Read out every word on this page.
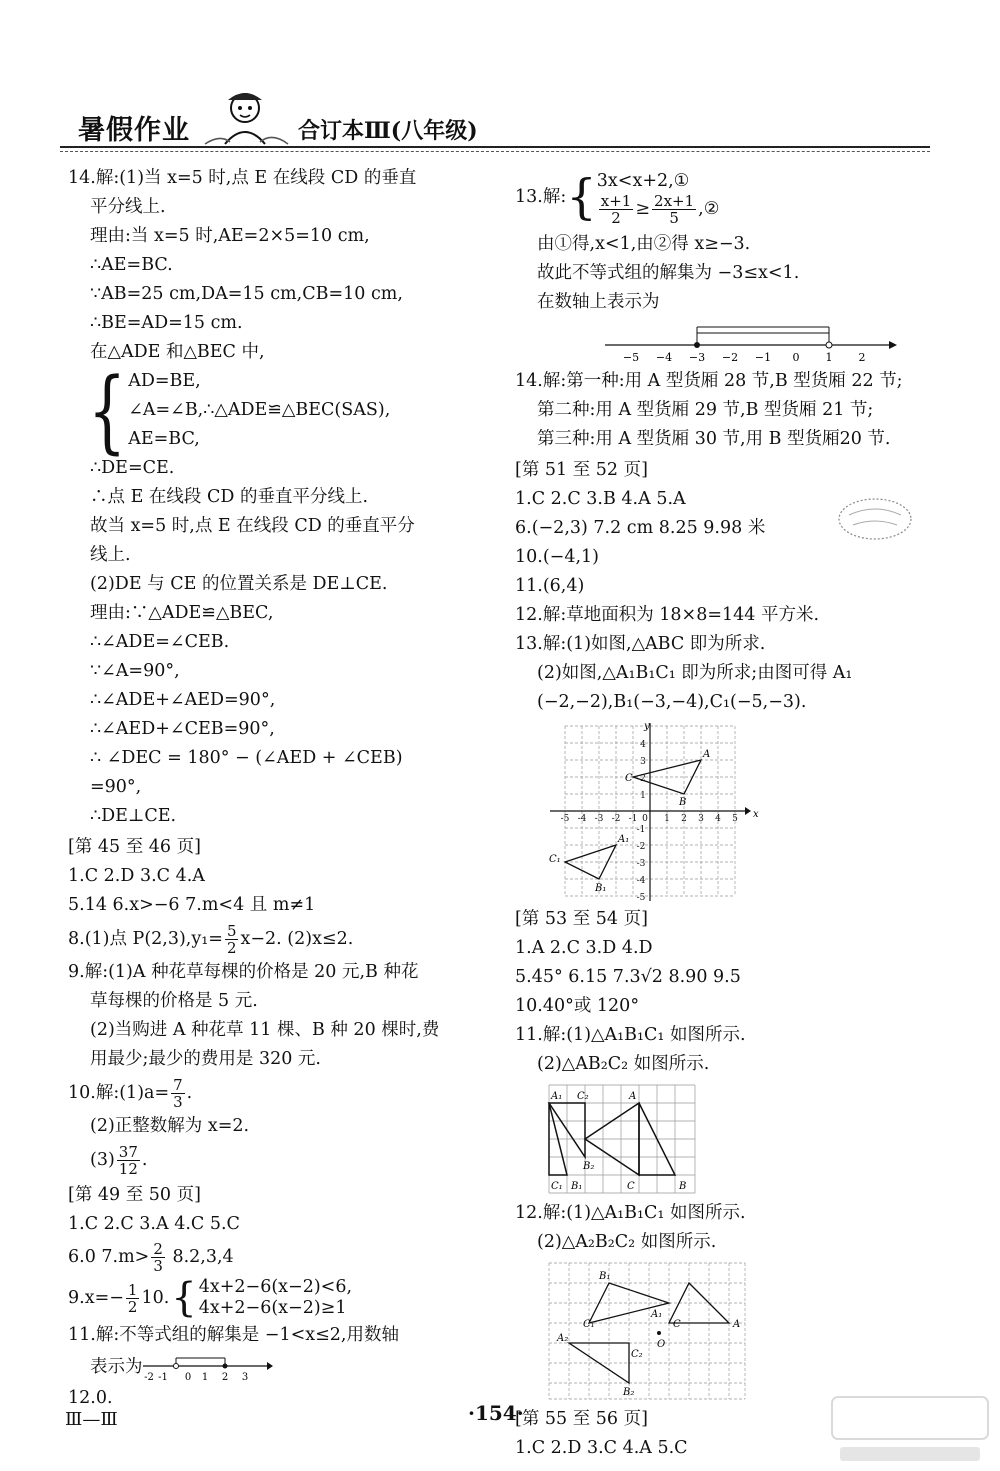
暑假作业	合订本Ⅲ(八年级)
14.解:(1)当 x=5 时,点 E 在线段 CD 的垂直
平分线上.
理由:当 x=5 时,AE=2×5=10 cm,
∴AE=BC.
∵AB=25 cm,DA=15 cm,CB=10 cm,
∴BE=AD=15 cm.
在△ADE 和△BEC 中,
{ AD=BE,
∠A=∠B,∴△ADE≌△BEC(SAS),
AE=BC,
∴DE=CE.
∴点 E 在线段 CD 的垂直平分线上.
故当 x=5 时,点 E 在线段 CD 的垂直平分
线上.
(2)DE 与 CE 的位置关系是 DE⊥CE.
理由:∵△ADE≌△BEC,
∴∠ADE=∠CEB.
∵∠A=90°,
∴∠ADE+∠AED=90°,
∴∠AED+∠CEB=90°,
∴ ∠DEC = 180° − (∠AED + ∠CEB)
=90°,
∴DE⊥CE.
[第 45 至 46 页]
1.C 2.D 3.C 4.A
5.14 6.x>−6 7.m<4 且 m≠1
8.(1)点 $P(2,3),y_1= \frac{5}{2} x-2$. (2)x≤2.
9.解:(1)A 种花草每棵的价格是 20 元,B 种花
草每棵的价格是 5 元.
(2)当购进 A 种花草 11 棵、B 种 20 棵时,费
用最少;最少的费用是 320 元.
10.解:(1)a= $\frac{7}{3}$ .
(2)正整数解为 x=2.
$(3) \frac{37}{12}$ .
[第 49 至 50 页]
1.C 2.C 3.A 4.C 5.C
6.0 $7.m> \frac{2}{3} 8.2,3,4$
$9.x=- \frac{1}{2} 10$. { 4x+2−6(x−2)<6,
4x+2−6(x−2)≥1
11.解:不等式组的解集是 −1<x≤2,用数轴
表示为
-2 -1 0 1 2 3
12.0.
13.解: { 3x<x+2,①
$\frac{x+1}{2} \ge \frac{2x+1}{5}$ ,②
由①得,x<1,由②得 x≥−3.
故此不等式组的解集为 −3≤x<1.
在数轴上表示为
−5 −4 −3 −2 −1 0 1 2
14.解:第一种:用 A 型货厢 28 节,B 型货厢 22 节;
第二种:用 A 型货厢 29 节,B 型货厢 21 节;
第三种:用 A 型货厢 30 节,用 B 型货厢20 节.
[第 51 至 52 页]
1.C 2.C 3.B 4.A 5.A
6.(−2,3) 7.2 cm 8.25 9.98 米
10.(−4,1)
11.(6,4)
12.解:草地面积为 18×8=144 平方米.
13.解:(1)如图,△ABC 即为所求.
(2)如图,△A₁B₁C₁ 即为所求;由图可得 A₁
(−2,−2),B₁(−3,−4),C₁(−5,−3).
x
y
-5 -4 -3 -2 -1 0 1 2 3 4 5
4
3
2
1
-1
-2
-3
-4
-5
A
B
C
A₁
B₁
C₁
[第 53 至 54 页]
1.A 2.C 3.D 4.D
5.45° 6.15 7.3√2 8.90 9.5
10.40°或 120°
11.解:(1)△A₁B₁C₁ 如图所示.
(2)△AB₂C₂ 如图所示.
A₁ C₂	A
B₂
C₁ B₁	C	B
12.解:(1)△A₁B₁C₁ 如图所示.
(2)△A₂B₂C₂ 如图所示.
B₁
A₁
C	A
A₂
C₁
C₂
O
B₂
[第 55 至 56 页]
1.C 2.D 3.C 4.A 5.C
Ⅲ—Ⅲ	·154·
